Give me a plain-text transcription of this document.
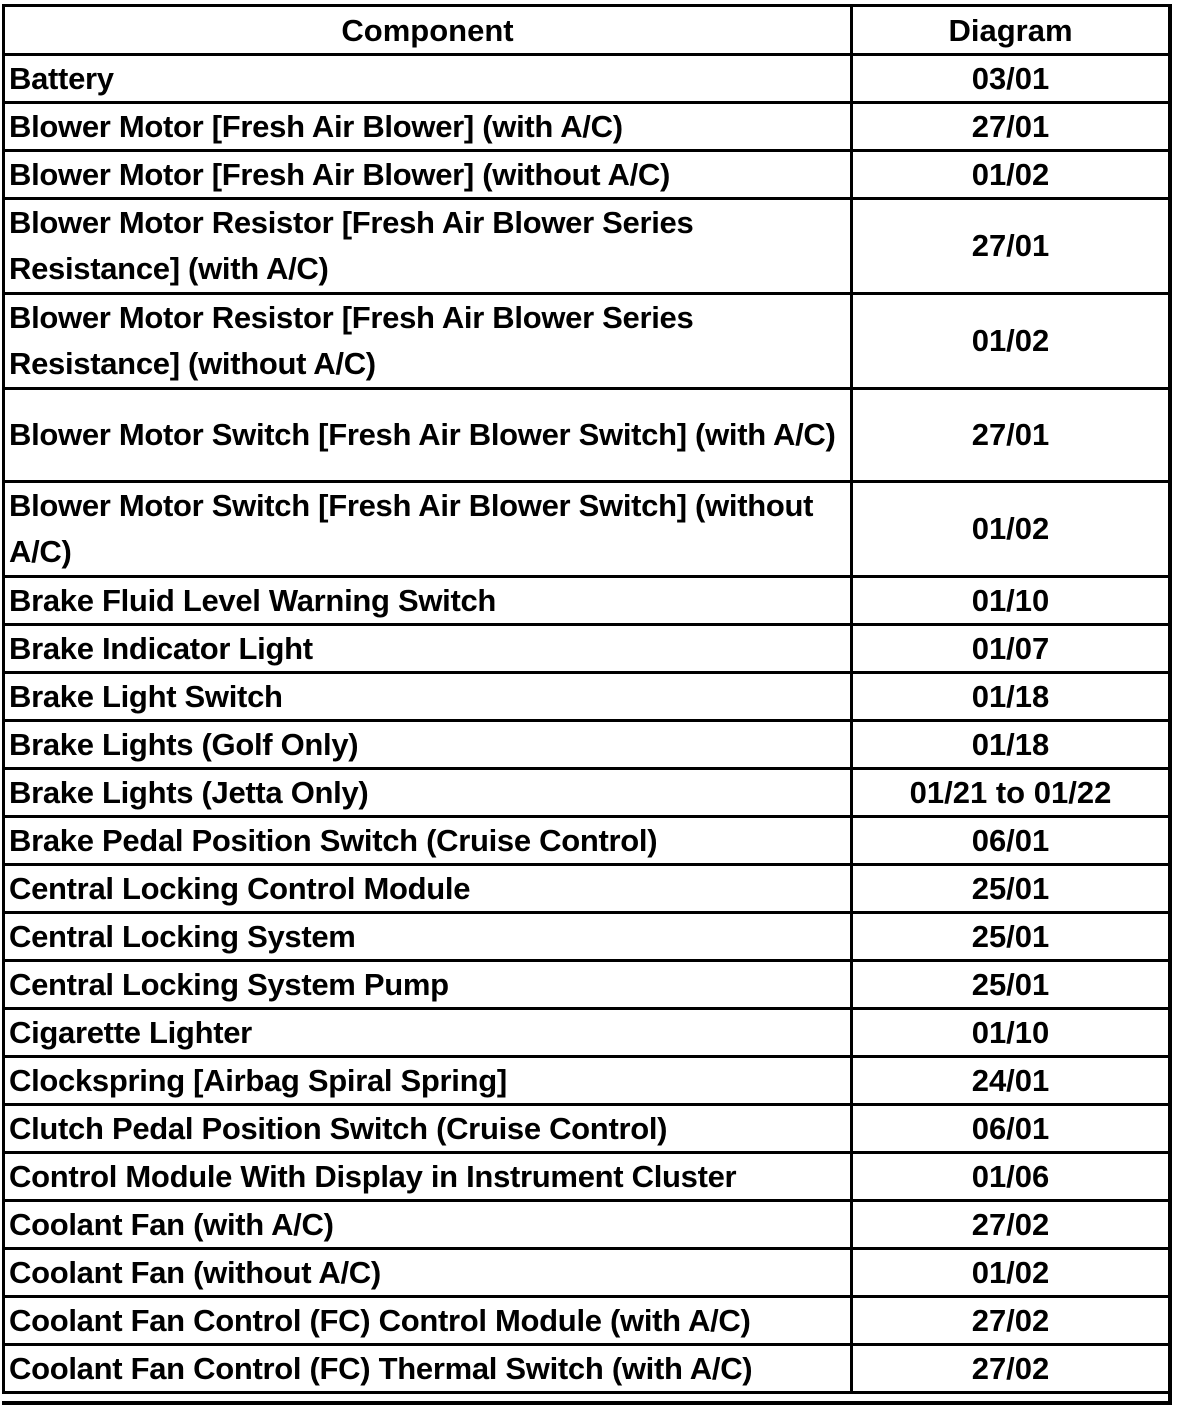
Component	Diagram
Battery	03/01
Blower Motor [Fresh Air Blower] (with A/C)	27/01
Blower Motor [Fresh Air Blower] (without A/C)	01/02
Blower Motor Resistor [Fresh Air Blower Series Resistance] (with A/C)	27/01
Blower Motor Resistor [Fresh Air Blower Series Resistance] (without A/C)	01/02
Blower Motor Switch [Fresh Air Blower Switch] (with A/C)	27/01
Blower Motor Switch [Fresh Air Blower Switch] (without A/C)	01/02
Brake Fluid Level Warning Switch	01/10
Brake Indicator Light	01/07
Brake Light Switch	01/18
Brake Lights (Golf Only)	01/18
Brake Lights (Jetta Only)	01/21 to 01/22
Brake Pedal Position Switch (Cruise Control)	06/01
Central Locking Control Module	25/01
Central Locking System	25/01
Central Locking System Pump	25/01
Cigarette Lighter	01/10
Clockspring [Airbag Spiral Spring]	24/01
Clutch Pedal Position Switch (Cruise Control)	06/01
Control Module With Display in Instrument Cluster	01/06
Coolant Fan (with A/C)	27/02
Coolant Fan (without A/C)	01/02
Coolant Fan Control (FC) Control Module (with A/C)	27/02
Coolant Fan Control (FC) Thermal Switch (with A/C)	27/02
